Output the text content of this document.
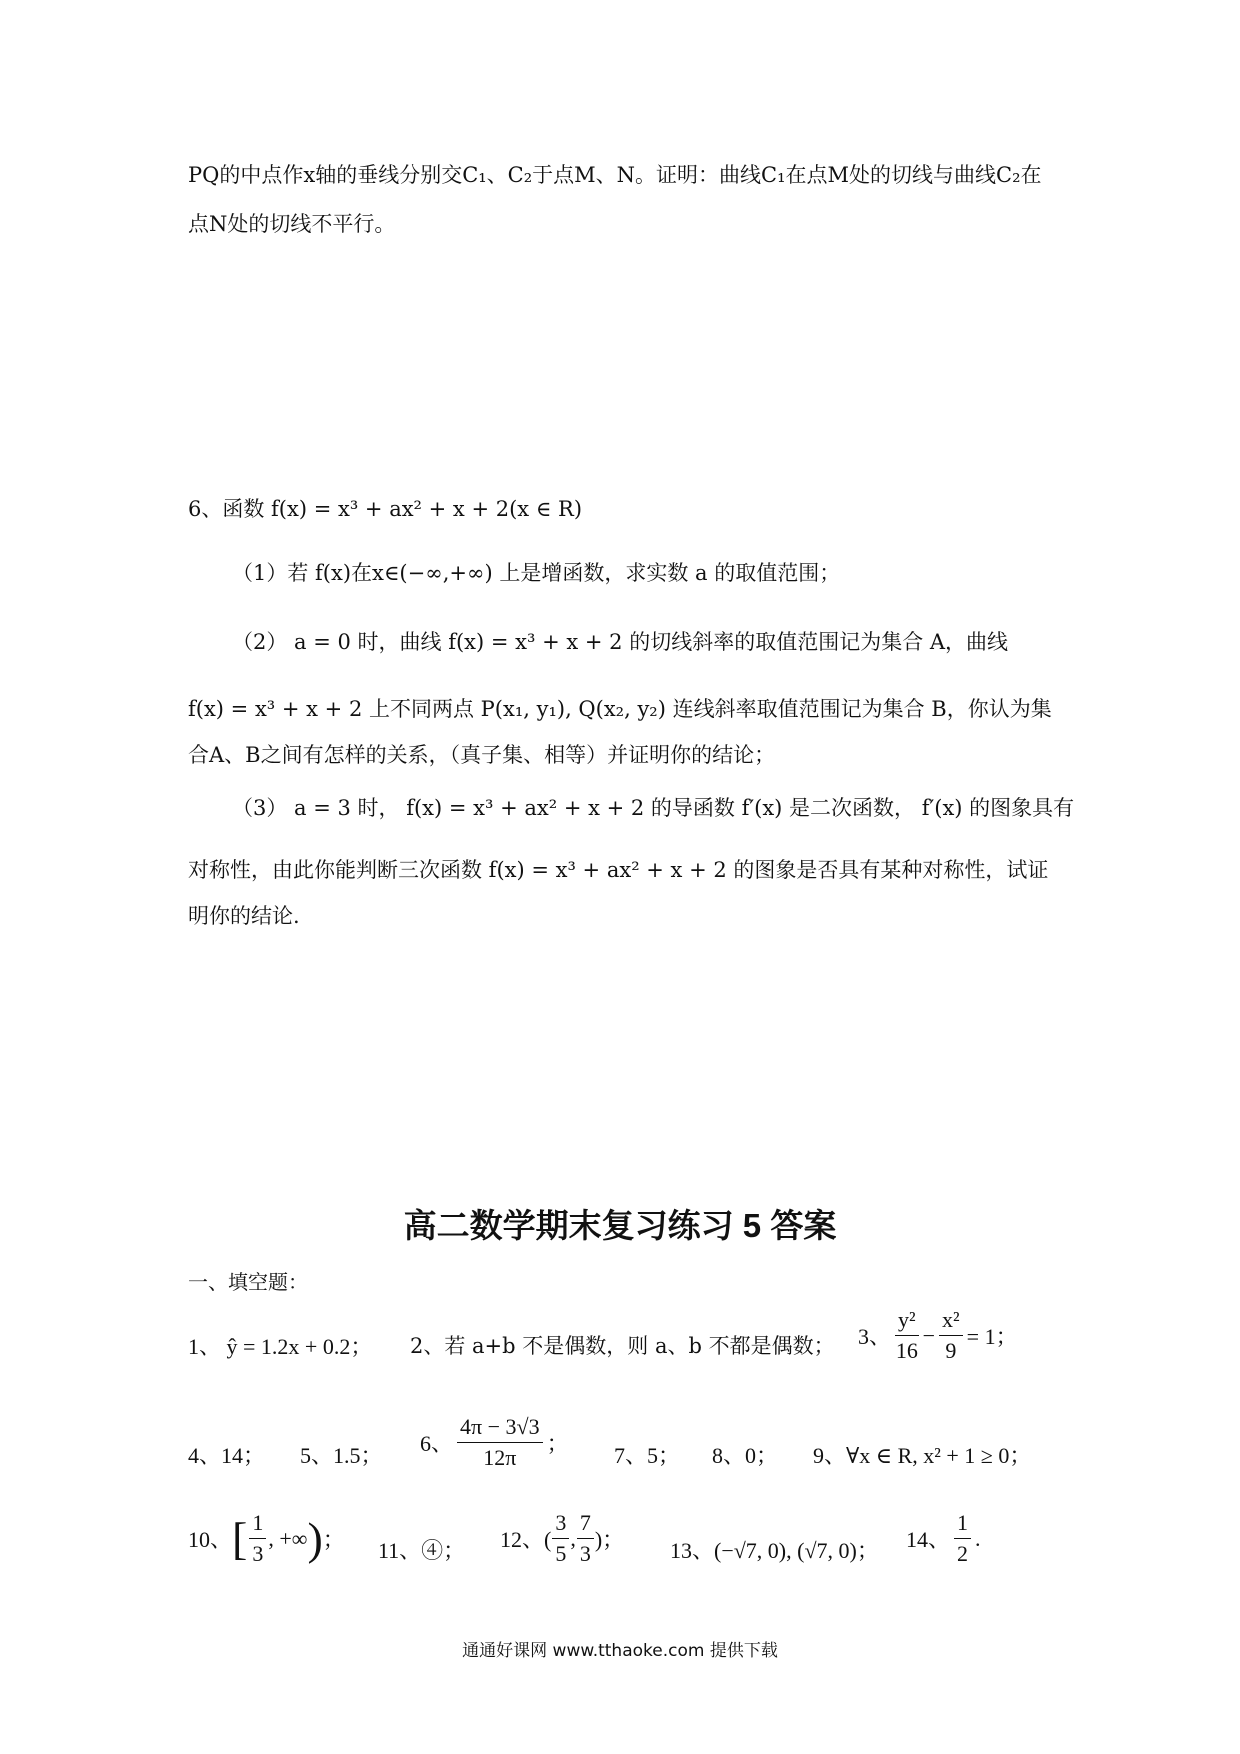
PQ的中点作x轴的垂线分别交C₁、C₂于点M、N。证明：曲线C₁在点M处的切线与曲线C₂在
点N处的切线不平行。
6、函数 f(x) = x³ + ax² + x + 2(x ∈ R)
（1）若 f(x)在x∈(−∞,+∞) 上是增函数，求实数 a 的取值范围；
（2） a = 0 时，曲线 f(x) = x³ + x + 2 的切线斜率的取值范围记为集合 A，曲线
f(x) = x³ + x + 2 上不同两点 P(x₁, y₁), Q(x₂, y₂) 连线斜率取值范围记为集合 B，你认为集
合A、B之间有怎样的关系，（真子集、相等）并证明你的结论；
（3） a = 3 时， f(x) = x³ + ax² + x + 2 的导函数 f′(x) 是二次函数， f′(x) 的图象具有
对称性，由此你能判断三次函数 f(x) = x³ + ax² + x + 2 的图象是否具有某种对称性，试证
明你的结论.
高二数学期末复习练习 5 答案
一、填空题：
1、 ŷ = 1.2x + 0.2； 2、若 a+b 不是偶数，则 a、b 不都是偶数； 3、 $\frac{\text{y²}}{16} - \frac{\text{x²}}{9} = 1$；
4、14； 5、1.5； 6、 $\frac{4\pi - 3√3}{12\pi}$ ； 7、5； 8、0； 9、∀x ∈ R, x² + 1 ≥ 0；
10、 [ $\frac{1}{3}$ , +∞ ) ； 11、④； 12、( $\frac{3}{5}$ , $\frac{7}{3}$ )； 13、(−√7, 0), (√7, 0)； 14、 $\frac{1}{2}$ .
通通好课网 www.tthaoke.com 提供下载
